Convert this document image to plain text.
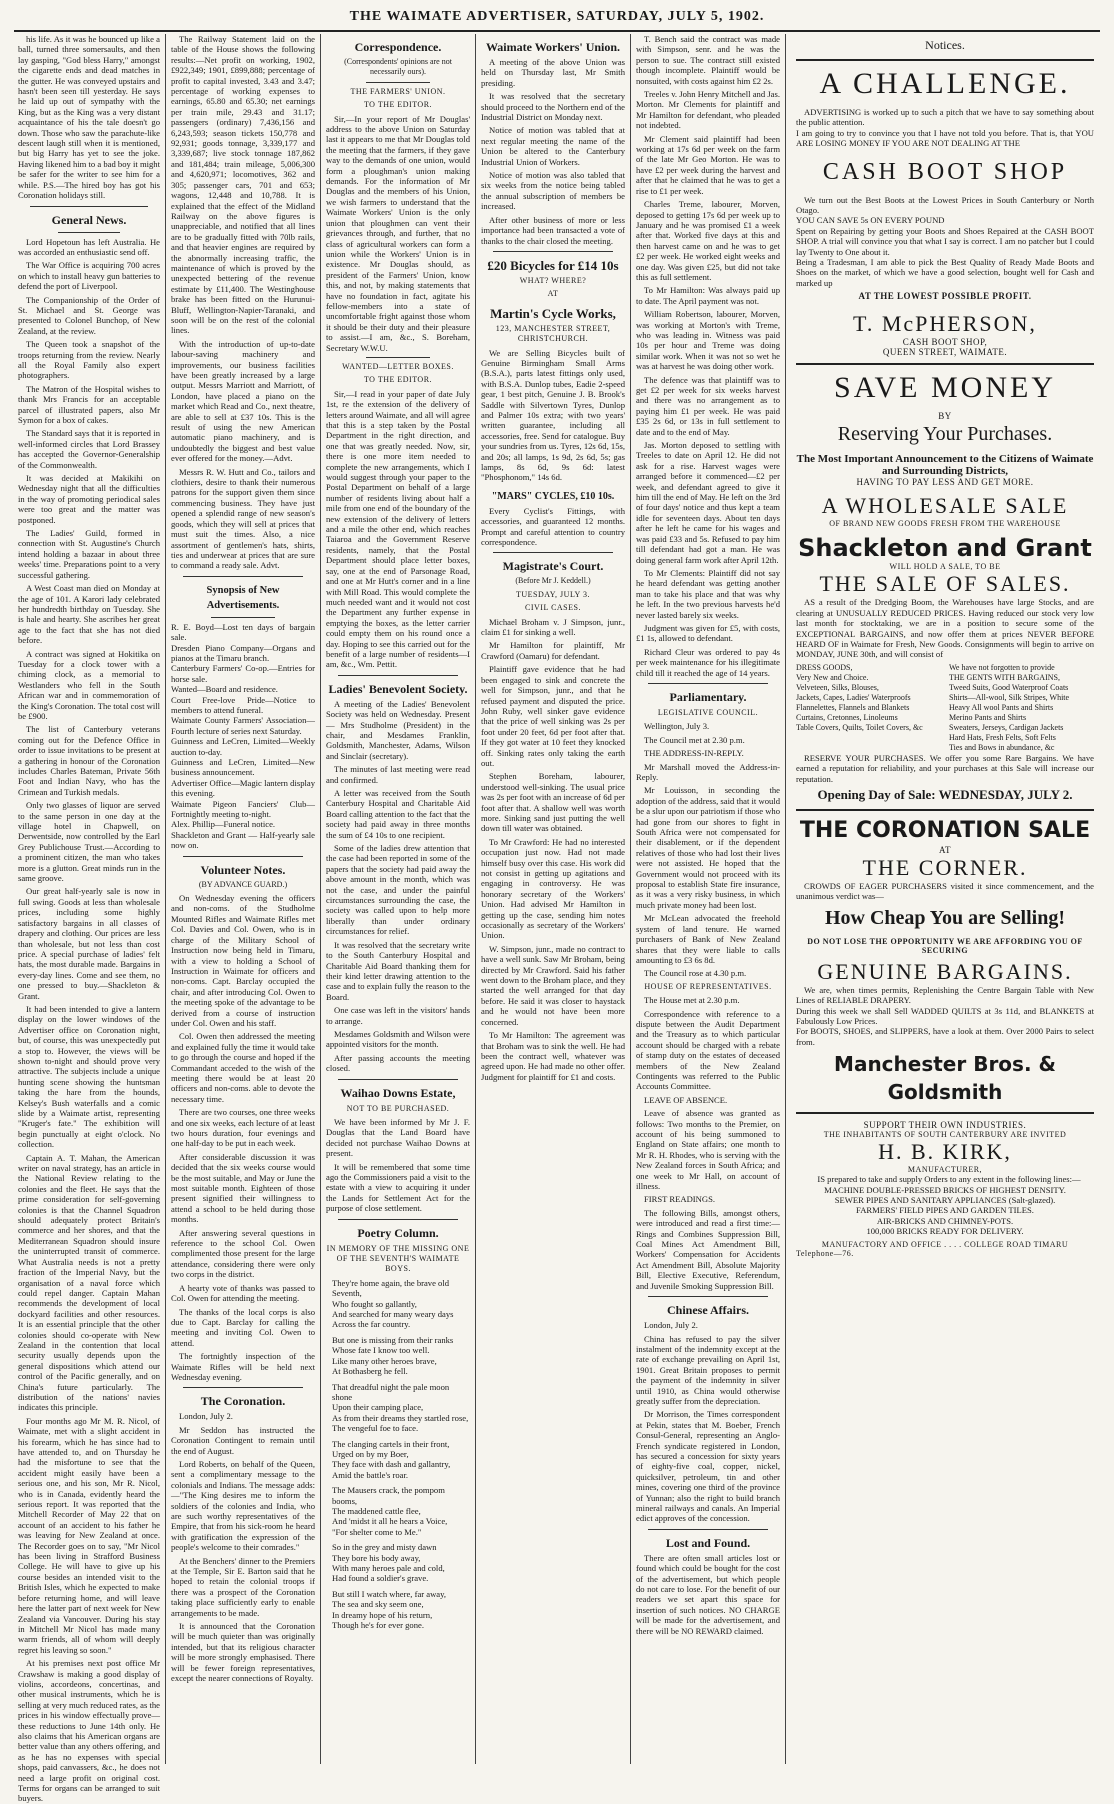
THE WAIMATE ADVERTISER, SATURDAY, JULY 5, 1902.

his life. As it was he bounced up like a ball, turned three somersaults, and then lay gasping, "God bless Harry," amongst the cigarette ends and dead matches in the gutter. He was conveyed upstairs and hasn't been seen till yesterday. He says he laid up out of sympathy with the King, but as the King was a very distant acquaintance of his the tale doesn't go down. Those who saw the parachute-like descent laugh still when it is mentioned, but big Harry has yet to see the joke. Having likened him to a bad boy it might be safer for the writer to see him for a while. P.S.—The hired boy has got his Coronation holidays still.

General News.

Lord Hopetoun has left Australia. He was accorded an enthusiastic send off.

The War Office is acquiring 700 acres on which to install heavy gun batteries to defend the port of Liverpool.

The Companionship of the Order of St. Michael and St. George was presented to Colonel Bunchop, of New Zealand, at the review.

The Queen took a snapshot of the troops returning from the review. Nearly all the Royal Family also expert photographers.

The Matron of the Hospital wishes to thank Mrs Francis for an acceptable parcel of illustrated papers, also Mr Symon for a box of cakes.

The Standard says that it is reported in well-informed circles that Lord Brassey has accepted the Governor-Generalship of the Commonwealth.

It was decided at Makikihi on Wednesday night that all the difficulties in the way of promoting periodical sales were too great and the matter was postponed.

The Ladies' Guild, formed in connection with St. Augustine's Church intend holding a bazaar in about three weeks' time. Preparations point to a very successful gathering.

A West Coast man died on Monday at the age of 101. A Karori lady celebrated her hundredth birthday on Tuesday. She is hale and hearty. She ascribes her great age to the fact that she has not died before.

A contract was signed at Hokitika on Tuesday for a clock tower with a chiming clock, as a memorial to Westlanders who fell in the South African war and in commemoration of the King's Coronation. The total cost will be £900.

The list of Canterbury veterans coming out for the Defence Office in order to issue invitations to be present at a gathering in honour of the Coronation includes Charles Bateman, Private 56th Foot and Indian Navy, who has the Crimean and Turkish medals.

Only two glasses of liquor are served to the same person in one day at the village hotel in Chapwell, on Derwentside, now controlled by the Earl Grey Publichouse Trust.—According to a prominent citizen, the man who takes more is a glutton. Great minds run in the same groove.

Our great half-yearly sale is now in full swing. Goods at less than wholesale prices, including some highly satisfactory bargains in all classes of drapery and clothing. Our prices are less than wholesale, but not less than cost price. A special purchase of ladies' felt hats, the most durable made. Bargains in every-day lines. Come and see them, no one pressed to buy.—Shackleton & Grant.

It had been intended to give a lantern display on the lower windows of the Advertiser office on Coronation night, but, of course, this was unexpectedly put a stop to. However, the views will be shown to-night and should prove very attractive. The subjects include a unique hunting scene showing the huntsman taking the hare from the hounds, Kelsey's Bush waterfalls and a comic slide by a Waimate artist, representing "Kruger's fate." The exhibition will begin punctually at eight o'clock. No collection.

Captain A. T. Mahan, the American writer on naval strategy, has an article in the National Review relating to the colonies and the fleet. He says that the prime consideration for self-governing colonies is that the Channel Squadron should adequately protect Britain's commerce and her shores, and that the Mediterranean Squadron should insure the uninterrupted transit of commerce. What Australia needs is not a pretty fraction of the Imperial Navy, but the organisation of a naval force which could repel danger. Captain Mahan recommends the development of local dockyard facilities and other resources. It is an essential principle that the other colonies should co-operate with New Zealand in the contention that local security usually depends upon the general dispositions which attend our control of the Pacific generally, and on China's future particularly. The distribution of the nations' navies indicates this principle.

Four months ago Mr M. R. Nicol, of Waimate, met with a slight accident in his forearm, which he has since had to have attended to, and on Thursday he had the misfortune to see that the accident might easily have been a serious one, and his son, Mr R. Nicol, who is in Canada, evidently heard the serious report. It was reported that the Mitchell Recorder of May 22 that on account of an accident to his father he was leaving for New Zealand at once. The Recorder goes on to say, "Mr Nicol has been living in Strafford Business College. He will have to give up his course besides an intended visit to the British Isles, which he expected to make before returning home, and will leave here the latter part of next week for New Zealand via Vancouver. During his stay in Mitchell Mr Nicol has made many warm friends, all of whom will deeply regret his leaving so soon."

At his premises next post office Mr Crawshaw is making a good display of violins, accordeons, concertinas, and other musical instruments, which he is selling at very much reduced rates, as the prices in his window effectually prove—these reductions to June 14th only. He also claims that his American organs are better value than any others offering, and as he has no expenses with special shops, paid canvassers, &c., he does not need a large profit on original cost. Terms for organs can be arranged to suit buyers.

The Railway Statement laid on the table of the House shows the following results:—Net profit on working, 1902, £922,349; 1901, £899,888; percentage of profit to capital invested, 3.43 and 3.47; percentage of working expenses to earnings, 65.80 and 65.30; net earnings per train mile, 29.43 and 31.17; passengers (ordinary) 7,436,156 and 6,243,593; season tickets 150,778 and 92,931; goods tonnage, 3,339,177 and 3,339,687; live stock tonnage 187,862 and 181,484; train mileage, 5,006,300 and 4,620,971; locomotives, 362 and 305; passenger cars, 701 and 653; wagons, 12,448 and 10,788. It is explained that the effect of the Midland Railway on the above figures is unappreciable, and notified that all lines are to be gradually fitted with 70lb rails, and that heavier engines are required by the abnormally increasing traffic, the maintenance of which is proved by the unexpected bettering of the revenue estimate by £11,400. The Westinghouse brake has been fitted on the Hurunui-Bluff, Wellington-Napier-Taranaki, and soon will be on the rest of the colonial lines.

With the introduction of up-to-date labour-saving machinery and improvements, our business facilities have been greatly increased by a large output. Messrs Marriott and Marriott, of London, have placed a piano on the market which Read and Co., next theatre, are able to sell at £37 10s. This is the result of using the new American automatic piano machinery, and is undoubtedly the biggest and best value ever offered for the money.—Advt.

Messrs R. W. Hutt and Co., tailors and clothiers, desire to thank their numerous patrons for the support given them since commencing business. They have just opened a splendid range of new season's goods, which they will sell at prices that must suit the times. Also, a nice assortment of gentlemen's hats, shirts, ties and underwear at prices that are sure to command a ready sale. Advt.

Synopsis of New Advertisements.

R. E. Boyd—Lost ten days of bargain sale.
Dresden Piano Company—Organs and pianos at the Timaru branch.
Canterbury Farmers' Co-op.—Entries for horse sale.
Wanted—Board and residence.
Court Free-love Pride—Notice to members to attend funeral.
Waimate County Farmers' Association—Fourth lecture of series next Saturday.
Guinness and LeCren, Limited—Weekly auction to-day.
Guinness and LeCren, Limited—New business announcement.
Advertiser Office—Magic lantern display this evening.
Waimate Pigeon Fanciers' Club—Fortnightly meeting to-night.
Alex. Phillip—Funeral notice.
Shackleton and Grant — Half-yearly sale now on.

Volunteer Notes.
(BY ADVANCE GUARD.)

On Wednesday evening the officers and non-coms. of the Studholme Mounted Rifles and Waimate Rifles met Col. Davies and Col. Owen, who is in charge of the Military School of Instruction now being held in Timaru, with a view to holding a School of Instruction in Waimate for officers and non-coms. Capt. Barclay occupied the chair, and after introducing Col. Owen to the meeting spoke of the advantage to be derived from a course of instruction under Col. Owen and his staff.

Col. Owen then addressed the meeting and explained fully the time it would take to go through the course and hoped if the Commandant acceded to the wish of the meeting there would be at least 20 officers and non-coms. able to devote the necessary time.

There are two courses, one three weeks and one six weeks, each lecture of at least two hours duration, four evenings and one half-day to be put in each week.

After considerable discussion it was decided that the six weeks course would be the most suitable, and May or June the most suitable month. Eighteen of those present signified their willingness to attend a school to be held during those months.

After answering several questions in reference to the school Col. Owen complimented those present for the large attendance, considering there were only two corps in the district.

A hearty vote of thanks was passed to Col. Owen for attending the meeting.

The thanks of the local corps is also due to Capt. Barclay for calling the meeting and inviting Col. Owen to attend.

The fortnightly inspection of the Waimate Rifles will be held next Wednesday evening.

The Coronation.

London, July 2.

Mr Seddon has instructed the Coronation Contingent to remain until the end of August.

Lord Roberts, on behalf of the Queen, sent a complimentary message to the colonials and Indians. The message adds:—"The King desires me to inform the soldiers of the colonies and India, who are such worthy representatives of the Empire, that from his sick-room he heard with gratification the expression of the people's welcome to their comrades."

At the Benchers' dinner to the Premiers at the Temple, Sir E. Barton said that he hoped to retain the colonial troops if there was a prospect of the Coronation taking place sufficiently early to enable arrangements to be made.

It is announced that the Coronation will be much quieter than was originally intended, but that its religious character will be more strongly emphasised. There will be fewer foreign representatives, except the nearer connections of Royalty.

Correspondence.
(Correspondents' opinions are not necessarily ours).
THE FARMERS' UNION.
TO THE EDITOR.

Sir,—In your report of Mr Douglas' address to the above Union on Saturday last it appears to me that Mr Douglas told the meeting that the farmers, if they gave way to the demands of one union, would form a ploughman's union making demands. For the information of Mr Douglas and the members of his Union, we wish farmers to understand that the Waimate Workers' Union is the only union that ploughmen can vent their grievances through, and further, that no class of agricultural workers can form a union while the Workers' Union is in existence. Mr Douglas should, as president of the Farmers' Union, know this, and not, by making statements that have no foundation in fact, agitate his fellow-members into a state of uncomfortable fright against those whom it should be their duty and their pleasure to assist.—I am, &c., S. Boreham, Secretary W.W.U.

WANTED—LETTER BOXES.
TO THE EDITOR.

Sir,—I read in your paper of date July 1st, re the extension of the delivery of letters around Waimate, and all will agree that this is a step taken by the Postal Department in the right direction, and one that was greatly needed. Now, sir, there is one more item needed to complete the new arrangements, which I would suggest through your paper to the Postal Department on behalf of a large number of residents living about half a mile from one end of the boundary of the new extension of the delivery of letters and a mile the other end, which reaches Taiaroa and the Government Reserve residents, namely, that the Postal Department should place letter boxes, say, one at the end of Parsonage Road, and one at Mr Hutt's corner and in a line with Mill Road. This would complete the much needed want and it would not cost the Department any further expense in emptying the boxes, as the letter carrier could empty them on his round once a day. Hoping to see this carried out for the benefit of a large number of residents—I am, &c., Wm. Pettit.

Ladies' Benevolent Society.

A meeting of the Ladies' Benevolent Society was held on Wednesday. Present — Mrs Studholme (President) in the chair, and Mesdames Franklin, Goldsmith, Manchester, Adams, Wilson and Sinclair (secretary).

The minutes of last meeting were read and confirmed.

A letter was received from the South Canterbury Hospital and Charitable Aid Board calling attention to the fact that the society had paid away in three months the sum of £4 10s to one recipient.

Some of the ladies drew attention that the case had been reported in some of the papers that the society had paid away the above amount in the month, which was not the case, and under the painful circumstances surrounding the case, the society was called upon to help more liberally than under ordinary circumstances for relief.

It was resolved that the secretary write to the South Canterbury Hospital and Charitable Aid Board thanking them for their kind letter drawing attention to the case and to explain fully the reason to the Board.

One case was left in the visitors' hands to arrange.

Mesdames Goldsmith and Wilson were appointed visitors for the month.

After passing accounts the meeting closed.

Waihao Downs Estate,
NOT TO BE PURCHASED.

We have been informed by Mr J. F. Douglas that the Land Board have decided not purchase Waihao Downs at present.

It will be remembered that some time ago the Commissioners paid a visit to the estate with a view to acquiring it under the Lands for Settlement Act for the purpose of close settlement.

Poetry Column.
IN MEMORY OF THE MISSING ONE OF THE SEVENTH'S WAIMATE BOYS.

They're home again, the brave old Seventh,
Who fought so gallantly,
And searched for many weary days
Across the far country.

But one is missing from their ranks
Whose fate I know too well.
Like many other heroes brave,
At Bothasberg he fell.

That dreadful night the pale moon shone
Upon their camping place,
As from their dreams they startled rose,
The vengeful foe to face.

The clanging cartels in their front,
Urged on by my Boer,
They face with dash and gallantry,
Amid the battle's roar.

The Mausers crack, the pompom booms,
The maddened cattle flee,
And 'midst it all he hears a Voice,
"For shelter come to Me."

So in the grey and misty dawn
They bore his body away,
With many heroes pale and cold,
Had found a soldier's grave.

But still I watch where, far away,
The sea and sky seem one,
In dreamy hope of his return,
Though he's for ever gone.

Waimate Workers' Union.

A meeting of the above Union was held on Thursday last, Mr Smith presiding.

It was resolved that the secretary should proceed to the Northern end of the Industrial District on Monday next.

Notice of motion was tabled that at next regular meeting the name of the Union be altered to the Canterbury Industrial Union of Workers.

Notice of motion was also tabled that six weeks from the notice being tabled the annual subscription of members be increased.

After other business of more or less importance had been transacted a vote of thanks to the chair closed the meeting.

£20 Bicycles for £14 10s
WHAT? WHERE?
AT
Martin's Cycle Works,
123, MANCHESTER STREET, CHRISTCHURCH.

We are Selling Bicycles built of Genuine Birmingham Small Arms (B.S.A.), parts latest fittings only used, with B.S.A. Dunlop tubes, Eadie 2-speed gear, 1 best pitch, Genuine J. B. Brook's Saddle with Silvertown Tyres, Dunlop and Palmer 10s extra; with two years' written guarantee, including all accessories, free. Send for catalogue. Buy your sundries from us. Tyres, 12s 6d, 15s, and 20s; all lamps, 1s 9d, 2s 6d, 5s; gas lamps, 8s 6d, 9s 6d: latest "Phosphonom," 14s 6d.

"MARS" CYCLES, £10 10s.

Every Cyclist's Fittings, with accessories, and guaranteed 12 months. Prompt and careful attention to country correspondence.

Magistrate's Court.
(Before Mr J. Keddell.)
TUESDAY, JULY 3.
CIVIL CASES.

Michael Broham v. J Simpson, junr., claim £1 for sinking a well.

Mr Hamilton for plaintiff, Mr Crawford (Oamaru) for defendant.

Plaintiff gave evidence that he had been engaged to sink and concrete the well for Simpson, junr., and that he refused payment and disputed the price. John Ruby, well sinker gave evidence that the price of well sinking was 2s per foot under 20 feet, 6d per foot after that. If they got water at 10 feet they knocked off. Sinking rates only taking the earth out.

Stephen Boreham, labourer, understood well-sinking. The usual price was 2s per foot with an increase of 6d per foot after that. A shallow well was worth more. Sinking sand just putting the well down till water was obtained.

To Mr Crawford: He had no interested occupation just now. Had not made himself busy over this case. His work did not consist in getting up agitations and engaging in controversy. He was honorary secretary of the Workers' Union. Had advised Mr Hamilton in getting up the case, sending him notes occasionally as secretary of the Workers' Union.

W. Simpson, junr., made no contract to have a well sunk. Saw Mr Broham, being directed by Mr Crawford. Said his father went down to the Broham place, and they started the well arranged for that day before. He said it was closer to haystack and he would not have been more concerned.

To Mr Hamilton: The agreement was that Broham was to sink the well. He had been the contract well, whatever was agreed upon. He had made no other offer. Judgment for plaintiff for £1 and costs.

T. Bench said the contract was made with Simpson, senr. and he was the person to sue. The contract still existed though incomplete. Plaintiff would be nonsuited, with costs against him £2 2s.

Treeles v. John Henry Mitchell and Jas. Morton. Mr Clements for plaintiff and Mr Hamilton for defendant, who pleaded not indebted.

Mr Clement said plaintiff had been working at 17s 6d per week on the farm of the late Mr Geo Morton. He was to have £2 per week during the harvest and after that he claimed that he was to get a rise to £1 per week.

Charles Treme, labourer, Morven, deposed to getting 17s 6d per week up to January and he was promised £1 a week after that. Worked five days at this and then harvest came on and he was to get £2 per week. He worked eight weeks and one day. Was given £25, but did not take this as full settlement.

To Mr Hamilton: Was always paid up to date. The April payment was not.

William Robertson, labourer, Morven, was working at Morton's with Treme, who was leading in. Witness was paid 10s per hour and Treme was doing similar work. When it was not so wet he was at harvest he was doing other work.

The defence was that plaintiff was to get £2 per week for six weeks harvest and there was no arrangement as to paying him £1 per week. He was paid £35 2s 6d, or 13s in full settlement to date and to the end of May.

Jas. Morton deposed to settling with Treeles to date on April 12. He did not ask for a rise. Harvest wages were arranged before it commenced—£2 per week, and defendant agreed to give it him till the end of May. He left on the 3rd of four days' notice and thus kept a team idle for seventeen days. About ten days after he left he came for his wages and was paid £33 and 5s. Refused to pay him till defendant had got a man. He was doing general farm work after April 12th.

To Mr Clements: Plaintiff did not say he heard defendant was getting another man to take his place and that was why he left. In the two previous harvests he'd never lasted barely six weeks.

Judgment was given for £5, with costs, £1 1s, allowed to defendant.

Richard Cleur was ordered to pay 4s per week maintenance for his illegitimate child till it reached the age of 14 years.

Parliamentary.
LEGISLATIVE COUNCIL.

Wellington, July 3.

The Council met at 2.30 p.m.

THE ADDRESS-IN-REPLY.

Mr Marshall moved the Address-in-Reply.

Mr Louisson, in seconding the adoption of the address, said that it would be a slur upon our patriotism if those who had gone from our shores to fight in South Africa were not compensated for their disablement, or if the dependent relatives of those who had lost their lives were not assisted. He hoped that the Government would not proceed with its proposal to establish State fire insurance, as it was a very risky business, in which much private money had been lost.

Mr McLean advocated the freehold system of land tenure. He warned purchasers of Bank of New Zealand shares that they were liable to calls amounting to £3 6s 8d.

The Council rose at 4.30 p.m.

HOUSE OF REPRESENTATIVES.

The House met at 2.30 p.m.

Correspondence with reference to a dispute between the Audit Department and the Treasury as to which particular account should be charged with a rebate of stamp duty on the estates of deceased members of the New Zealand Contingents was referred to the Public Accounts Committee.

LEAVE OF ABSENCE.

Leave of absence was granted as follows: Two months to the Premier, on account of his being summoned to England on State affairs; one month to Mr R. H. Rhodes, who is serving with the New Zealand forces in South Africa; and one week to Mr Hall, on account of illness.

FIRST READINGS.

The following Bills, amongst others, were introduced and read a first time:—Rings and Combines Suppression Bill, Coal Mines Act Amendment Bill, Workers' Compensation for Accidents Act Amendment Bill, Absolute Majority Bill, Elective Executive, Referendum, and Juvenile Smoking Suppression Bill.

Chinese Affairs.

London, July 2.

China has refused to pay the silver instalment of the indemnity except at the rate of exchange prevailing on April 1st, 1901. Great Britain proposes to permit the payment of the indemnity in silver until 1910, as China would otherwise greatly suffer from the depreciation.

Dr Morrison, the Times correspondent at Pekin, states that M. Boeber, French Consul-General, representing an Anglo-French syndicate registered in London, has secured a concession for sixty years of eighty-five coal, copper, nickel, quicksilver, petroleum, tin and other mines, covering one third of the province of Yunnan; also the right to build branch mineral railways and canals. An Imperial edict approves of the concession.

Lost and Found.

There are often small articles lost or found which could be bought for the cost of the advertisement, but which people do not care to lose. For the benefit of our readers we set apart this space for insertion of such notices. NO CHARGE will be made for the advertisement, and there will be NO REWARD claimed.

Notices.
A CHALLENGE.

ADVERTISING is worked up to such a pitch that we have to say something about the public attention.
I am going to try to convince you that I have not told you before. That is, that YOU ARE LOSING MONEY IF YOU ARE NOT DEALING AT THE

CASH BOOT SHOP

We turn out the Best Boots at the Lowest Prices in South Canterbury or North Otago.
YOU CAN SAVE 5s ON EVERY POUND
Spent on Repairing by getting your Boots and Shoes Repaired at the CASH BOOT SHOP. A trial will convince you that what I say is correct. I am no patcher but I could lay Twenty to One about it.
Being a Tradesman, I am able to pick the Best Quality of Ready Made Boots and Shoes on the market, of which we have a good selection, bought well for Cash and marked up

AT THE LOWEST POSSIBLE PROFIT.
T. McPHERSON,
CASH BOOT SHOP,
QUEEN STREET, WAIMATE.
SAVE MONEY
BY
Reserving Your Purchases.
The Most Important Announcement to the Citizens of Waimate and Surrounding Districts,
HAVING TO PAY LESS AND GET MORE.
A WHOLESALE SALE
OF BRAND NEW GOODS FRESH FROM THE WAREHOUSE
Shackleton and Grant
WILL HOLD A SALE, TO BE
THE SALE OF SALES.

AS a result of the Dredging Boom, the Warehouses have large Stocks, and are clearing at UNUSUALLY REDUCED PRICES. Having reduced our stock very low last month for stocktaking, we are in a position to secure some of the EXCEPTIONAL BARGAINS, and now offer them at prices NEVER BEFORE HEARD OF in Waimate for Fresh, New Goods. Consignments will begin to arrive on MONDAY, JUNE 30th, and will consist of

DRESS GOODS,
Very New and Choice.
Velveteen, Silks, Blouses,
Jackets, Capes, Ladies' Waterproofs
Flannelettes, Flannels and Blankets
Curtains, Cretonnes, Linoleums
Table Covers, Quilts, Toilet Covers, &c
We have not forgotten to provide
THE GENTS WITH BARGAINS,
Tweed Suits, Good Waterproof Coats
Shirts—All-wool, Silk Stripes, White
Heavy All wool Pants and Shirts
Merino Pants and Shirts
Sweaters, Jerseys, Cardigan Jackets
Hard Hats, Fresh Felts, Soft Felts
Ties and Bows in abundance, &c

RESERVE YOUR PURCHASES. We offer you some Rare Bargains. We have earned a reputation for reliability, and your purchases at this Sale will increase our reputation.

Opening Day of Sale: WEDNESDAY, JULY 2.
THE CORONATION SALE
AT
THE CORNER.

CROWDS OF EAGER PURCHASERS visited it since commencement, and the unanimous verdict was—

How Cheap You are Selling!
DO NOT LOSE THE OPPORTUNITY WE ARE AFFORDING YOU OF SECURING
GENUINE BARGAINS.

We are, when times permits, Replenishing the Centre Bargain Table with New Lines of RELIABLE DRAPERY.
During this week we shall Sell WADDED QUILTS at 3s 11d, and BLANKETS at Fabulously Low Prices.
For BOOTS, SHOES, and SLIPPERS, have a look at them. Over 2000 Pairs to select from.

Manchester Bros. & Goldsmith
SUPPORT THEIR OWN INDUSTRIES.
THE INHABITANTS OF SOUTH CANTERBURY ARE INVITED
H. B. KIRK,
MANUFACTURER,

IS prepared to take and supply Orders to any extent in the following lines:—
MACHINE DOUBLE-PRESSED BRICKS OF HIGHEST DENSITY.
SEWER PIPES AND SANITARY APPLIANCES (Salt-glazed).
FARMERS' FIELD PIPES AND GARDEN TILES.
AIR-BRICKS AND CHIMNEY-POTS.
100,000 BRICKS READY FOR DELIVERY.

MANUFACTORY AND OFFICE . . . . COLLEGE ROAD TIMARU
Telephone—76.
